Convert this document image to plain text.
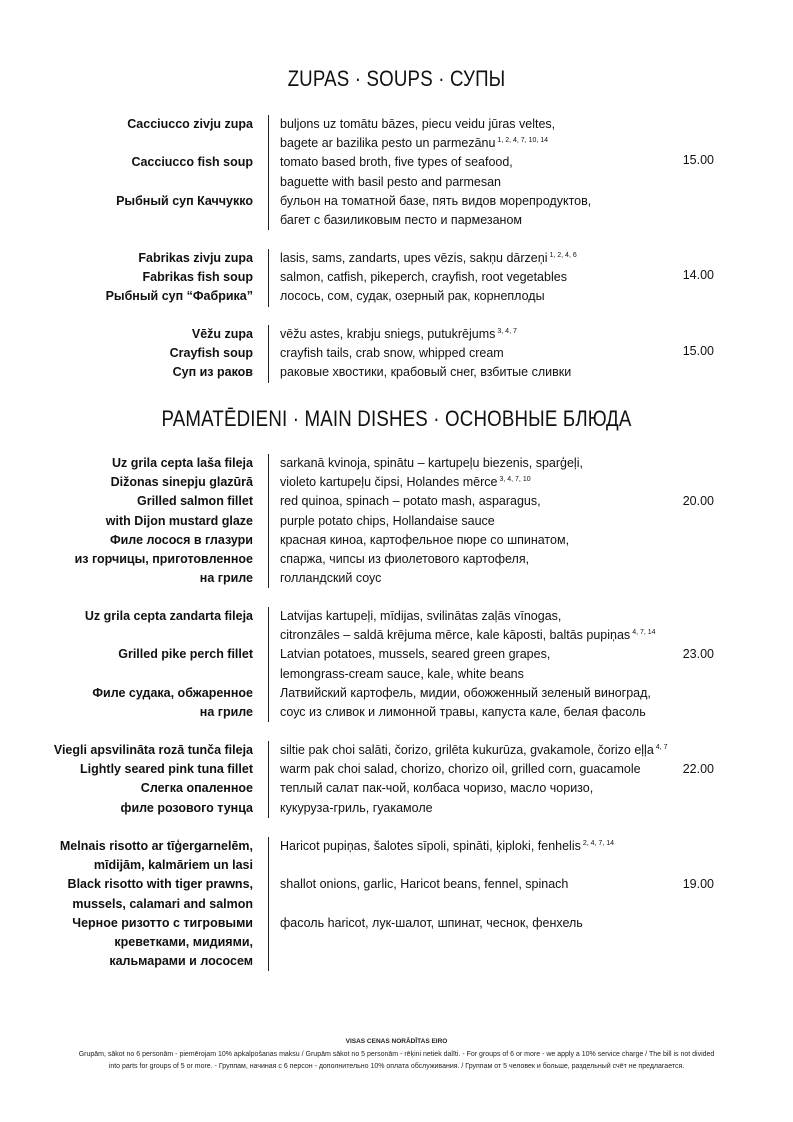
ZUPAS · SOUPS · СУПЫ
Cacciucco zivju zupa
Cacciucco fish soup
Рыбный суп Каччукко
buljons uz tomātu bāzes, piecu veidu jūras veltes,
bagete ar bazilika pesto un parmezānu $^{1, 2, 4, 7, 10, 14}$
tomato based broth, five types of seafood,
baguette with basil pesto and parmesan
бульон на томатной базе, пять видов морепродуктов,
багет с базиликовым песто и пармезаном
15.00
Fabrikas zivju zupa
Fabrikas fish soup
Рыбный суп “Фабрика”
lasis, sams, zandarts, upes vēzis, sakņu dārzeņi $^{1, 2, 4, 6}$
salmon, catfish, pikeperch, crayfish, root vegetables
лосось, сом, судак, озерный рак, корнеплоды
14.00
Vēžu zupa
Crayfish soup
Суп из раков
vēžu astes, krabju sniegs, putukrējums $^{3, 4, 7}$
crayfish tails, crab snow, whipped cream
раковые хвостики, крабовый снег, взбитые сливки
15.00
PAMATĒDIENI · MAIN DISHES · ОСНОВНЫЕ БЛЮДА
Uz grila cepta laša fileja
Dižonas sinepju glazūrā
Grilled salmon fillet
with Dijon mustard glaze
Филе лосося в глазури
из горчицы, приготовленное
на гриле
sarkanā kvinoja, spinātu – kartupeļu biezenis, sparģeļi,
violeto kartupeļu čipsi, Holandes mērce $^{3, 4, 7, 10}$
red quinoa, spinach – potato mash, asparagus,
purple potato chips, Hollandaise sauce
красная киноа, картофельное пюре со шпинатом,
спаржа, чипсы из фиолетового картофеля,
голландский соус
20.00
Uz grila cepta zandarta fileja
Grilled pike perch fillet
Филе судака, обжаренное
на гриле
Latvijas kartupeļi, mīdijas, svilinātas zaļās vīnogas,
citronzāles – saldā krējuma mērce, kale kāposti, baltās pupiņas $^{4, 7, 14}$
Latvian potatoes, mussels, seared green grapes,
lemongrass-cream sauce, kale, white beans
Латвийский картофель, мидии, обожженный зеленый виноград,
соус из сливок и лимонной травы, капуста кале, белая фасоль
23.00
Viegli apsvilināta rozā tunča fileja
Lightly seared pink tuna fillet
Слегка опаленное
филе розового тунца
siltie pak choi salāti, čorizo, grilēta kukurūza, gvakamole, čorizo eļļa $^{4, 7}$
warm pak choi salad, chorizo, chorizo oil, grilled corn, guacamole
теплый салат пак-чой, колбаса чоризо, масло чоризо,
кукуруза-гриль, гуакамоле
22.00
Melnais risotto ar tīģergarnelēm,
mīdijām, kalmāriem un lasi
Black risotto with tiger prawns,
mussels, calamari and salmon
Черное ризотто с тигровыми
креветками, мидиями,
кальмарами и лососем
Haricot pupiņas, šalotes sīpoli, spināti, ķiploki, fenhelis $^{2, 4, 7, 14}$
shallot onions, garlic, Haricot beans, fennel, spinach
фасоль haricot, лук-шалот, шпинат, чеснок, фенхель
19.00
VISAS CENAS NORĀDĪTAS EIRO
Grupām, sākot no 6 personām - piemērojam 10% apkalpošanas maksu / Grupām sākot no 5 personām - rēķini netiek dalīti. - For groups of 6 or more - we apply a 10% service charge / The bill is not divided
into parts for groups of 5 or more. - Группам, начиная с 6 персон - дополнительно 10% оплата обслуживания. / Группам от 5 человек и больше, раздельный счёт не предлагается.
